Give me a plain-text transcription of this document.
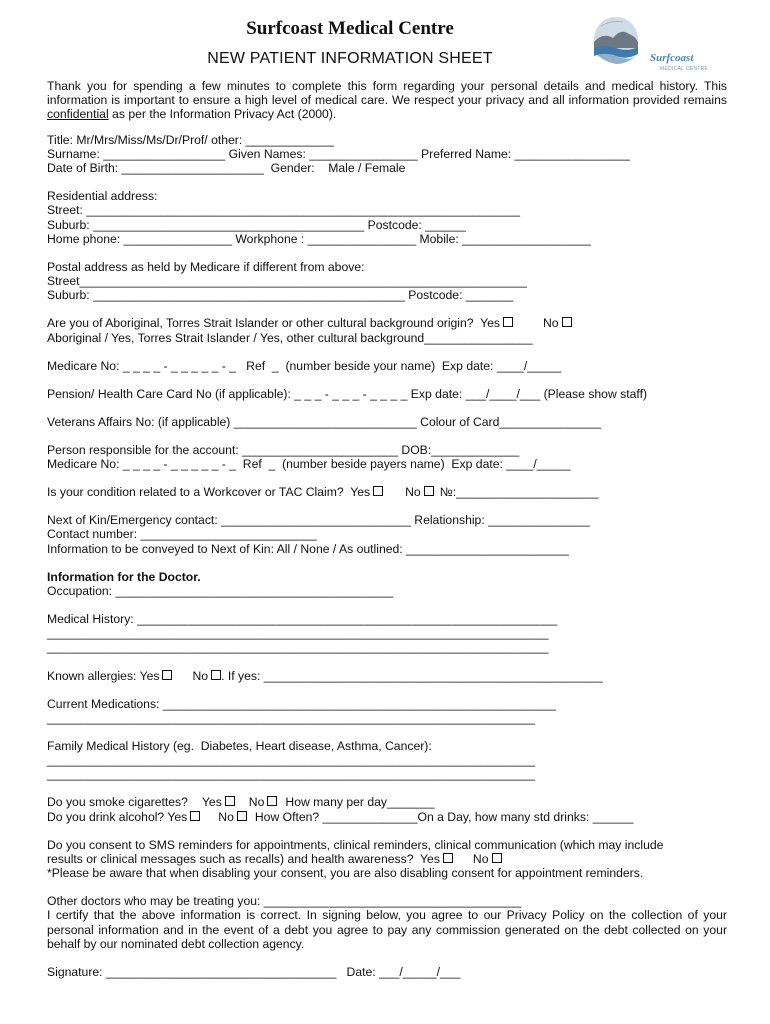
Surfcoast Medical Centre
NEW PATIENT INFORMATION SHEET	Surfcoast
MEDICAL CENTRE

Thank you for spending a few minutes to complete this form regarding your personal details and medical history. This information is important to ensure a high level of medical care. We respect your privacy and all information provided remains confidential as per the Information Privacy Act (2000).

Title: Mr/Mrs/Miss/Ms/Dr/Prof/ other: _____________
Surname: __________________ Given Names: ________________ Preferred Name: _________________
Date of Birth: _____________________  Gender:    Male / Female
Residential address:
Street: ________________________________________________________________
Suburb: ________________________________________ Postcode: ______
Home phone: ________________ Workphone : ________________ Mobile: ___________________
Postal address as held by Medicare if different from above:
Street__________________________________________________________________
Suburb: ______________________________________________ Postcode: _______
Are you of Aboriginal, Torres Strait Islander or other cultural background origin?  Yes	No
Aboriginal / Yes, Torres Strait Islander / Yes, other cultural background________________
Medicare No: _ _ _ _ - _ _ _ _ _ - _   Ref  _  (number beside your name)  Exp date: ____/_____
Pension/ Health Care Card No (if applicable): _ _ _ - _ _ _ - _ _ _ _ Exp date: ___/____/___ (Please show staff)
Veterans Affairs No: (if applicable) ___________________________ Colour of Card_______________
Person responsible for the account: _______________________ DOB:_____________
Medicare No: _ _ _ _ - _ _ _ _ _ - _  Ref  _  (number beside payers name)  Exp date: ____/_____
Is your condition related to a Workcover or TAC Claim?  Yes	No №:_____________________
Next of Kin/Emergency contact: ____________________________ Relationship: _______________
Contact number: __________________________
Information to be conveyed to Next of Kin: All / None / As outlined: ________________________
Information for the Doctor.
Occupation: _________________________________________
Medical History: ______________________________________________________________
__________________________________________________________________________
__________________________________________________________________________
Known allergies: Yes	No . If yes: __________________________________________________
Current Medications: __________________________________________________________
________________________________________________________________________
Family Medical History (eg.  Diabetes, Heart disease, Asthma, Cancer):
________________________________________________________________________
________________________________________________________________________
Do you smoke cigarettes? Yes No How many per day_______
Do you drink alcohol? Yes	No How Often? ______________On a Day, how many std drinks: ______
Do you consent to SMS reminders for appointments, clinical reminders, clinical communication (which may include
results or clinical messages such as recalls) and health awareness?  Yes	No
*Please be aware that when disabling your consent, you are also disabling consent for appointment reminders.
Other doctors who may be treating you: ______________________________________

I certify that the above information is correct. In signing below, you agree to our Privacy Policy on the collection of your personal information and in the event of a debt you agree to pay any commission generated on the debt collected on your behalf by our nominated debt collection agency.

Signature: __________________________________   Date: ___/_____/___
